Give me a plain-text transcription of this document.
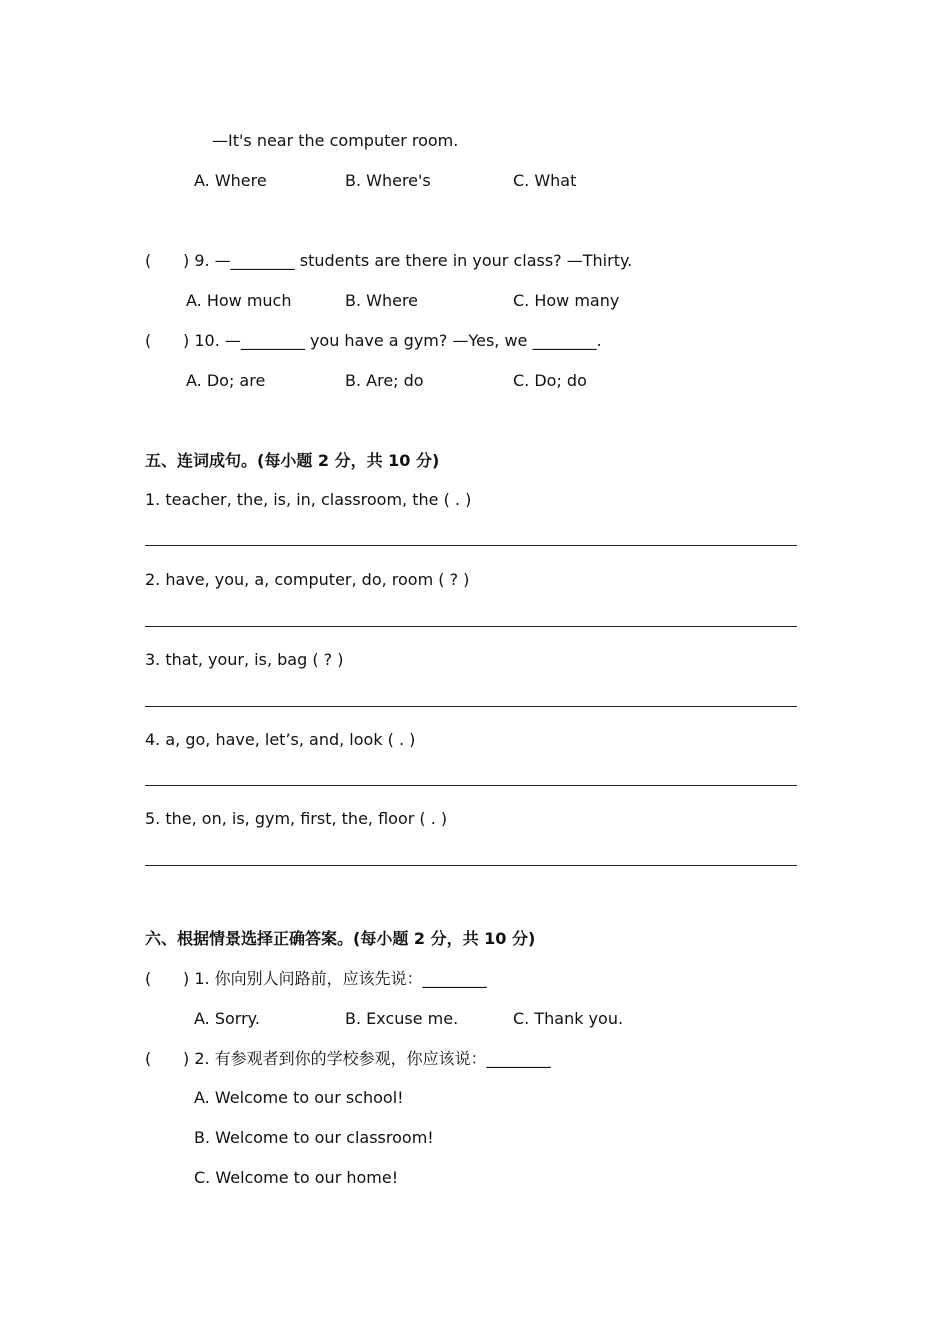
—It's near the computer room.
A. Where	B. Where's	C. What
( ) 9. —________ students are there in your class? —Thirty.
A. How much	B. Where	C. How many
( ) 10. —________ you have a gym? —Yes, we ________.
A. Do; are	B. Are; do	C. Do; do
五、连词成句。(每小题 2 分，共 10 分)
1. teacher, the, is, in, classroom, the ( . )
2. have, you, a, computer, do, room ( ? )
3. that, your, is, bag ( ? )
4. a, go, have, let’s, and, look ( . )
5. the, on, is, gym, first, the, floor ( . )
六、根据情景选择正确答案。(每小题 2 分，共 10 分)
( ) 1. 你向别人问路前，应该先说：________
A. Sorry.	B. Excuse me.	C. Thank you.
( ) 2. 有参观者到你的学校参观，你应该说：________
A. Welcome to our school!
B. Welcome to our classroom!
C. Welcome to our home!
